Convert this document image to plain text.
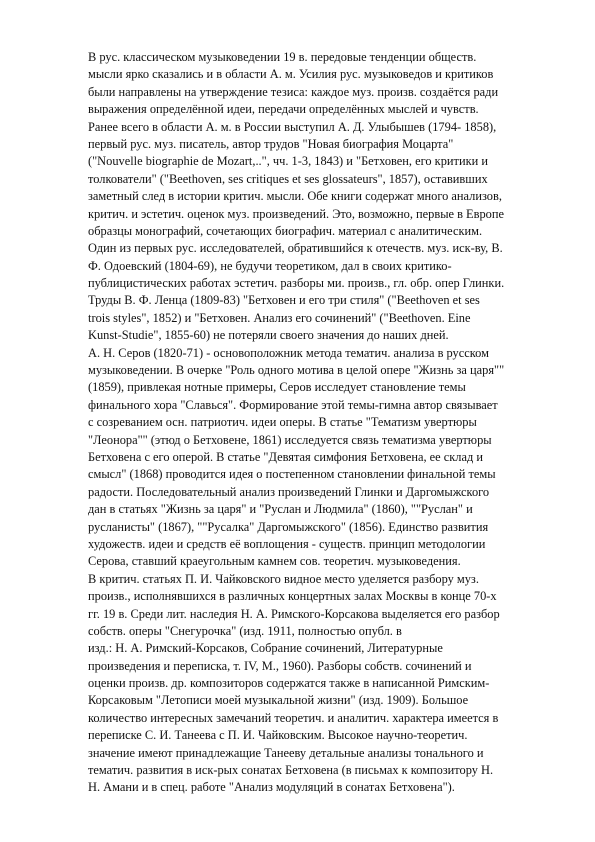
В рус. классическом музыковедении 19 в. передовые тенденции обществ.
мысли ярко сказались и в области А. м. Усилия рус. музыковедов и критиков
были направлены на утверждение тезиса: каждое муз. произв. создаётся ради
выражения определённой идеи, передачи определённых мыслей и чувств.
Ранее всего в области А. м. в России выступил А. Д. Улыбышев (1794- 1858),
первый рус. муз. писатель, автор трудов "Новая биография Моцарта"
("Nouvelle biographie de Mozart,..", чч. 1-3, 1843) и "Бетховен, его критики и
толкователи" ("Beethoven, ses critiques et ses glossateurs", 1857), оставивших
заметный след в истории критич. мысли. Обе книги содержат много анализов,
критич. и эстетич. оценок муз. произведений. Это, возможно, первые в Европе
образцы монографий, сочетающих биографич. материал с аналитическим.
Один из первых рус. исследователей, обратившийся к отечеств. муз. иск-ву, В.
Ф. Одоевский (1804-69), не будучи теоретиком, дал в своих критико-
публицистических работах эстетич. разборы ми. произв., гл. обр. опер Глинки.
Труды В. Ф. Ленца (1809-83) "Бетховен и его три стиля" ("Beethoven et ses
trois styles", 1852) и "Бетховен. Анализ его сочинений" ("Beethoven. Eine
Kunst-Studie", 1855-60) не потеряли своего значения до наших дней.
А. Н. Серов (1820-71) - основоположник метода тематич. анализа в русском
музыковедении. В очерке "Роль одного мотива в целой опере "Жизнь за царя""
(1859), привлекая нотные примеры, Серов исследует становление темы
финального хора "Славься". Формирование этой темы-гимна автор связывает
с созреванием осн. патриотич. идеи оперы. В статье "Тематизм увертюры
"Леонора"" (этюд о Бетховене, 1861) исследуется связь тематизма увертюры
Бетховена с его оперой. В статье "Девятая симфония Бетховена, ее склад и
смысл" (1868) проводится идея о постепенном становлении финальной темы
радости. Последовательный анализ произведений Глинки и Даргомыжского
дан в статьях "Жизнь за царя" и "Руслан и Людмила" (1860), ""Руслан" и
русланисты" (1867), ""Русалка" Даргомыжского" (1856). Единство развития
художеств. идеи и средств её воплощения - существ. принцип методологии
Серова, ставший краеугольным камнем сов. теоретич. музыковедения.
В критич. статьях П. И. Чайковского видное место уделяется разбору муз.
произв., исполнявшихся в различных концертных залах Москвы в конце 70-х
гг. 19 в. Среди лит. наследия Н. А. Римского-Корсакова выделяется его разбор
собств. оперы "Снегурочка" (изд. 1911, полностью опубл. в
изд.: Н. А. Римский-Корсаков, Собрание сочинений, Литературные
произведения и переписка, т. IV, М., 1960). Разборы собств. сочинений и
оценки произв. др. композиторов содержатся также в написанной Римским-
Корсаковым "Летописи моей музыкальной жизни" (изд. 1909). Большое
количество интересных замечаний теоретич. и аналитич. характера имеется в
переписке С. И. Танеева с П. И. Чайковским. Высокое научно-теоретич.
значение имеют принадлежащие Танееву детальные анализы тонального и
тематич. развития в иск-рых сонатах Бетховена (в письмах к композитору Н.
Н. Амани и в спец. работе "Анализ модуляций в сонатах Бетховена").
